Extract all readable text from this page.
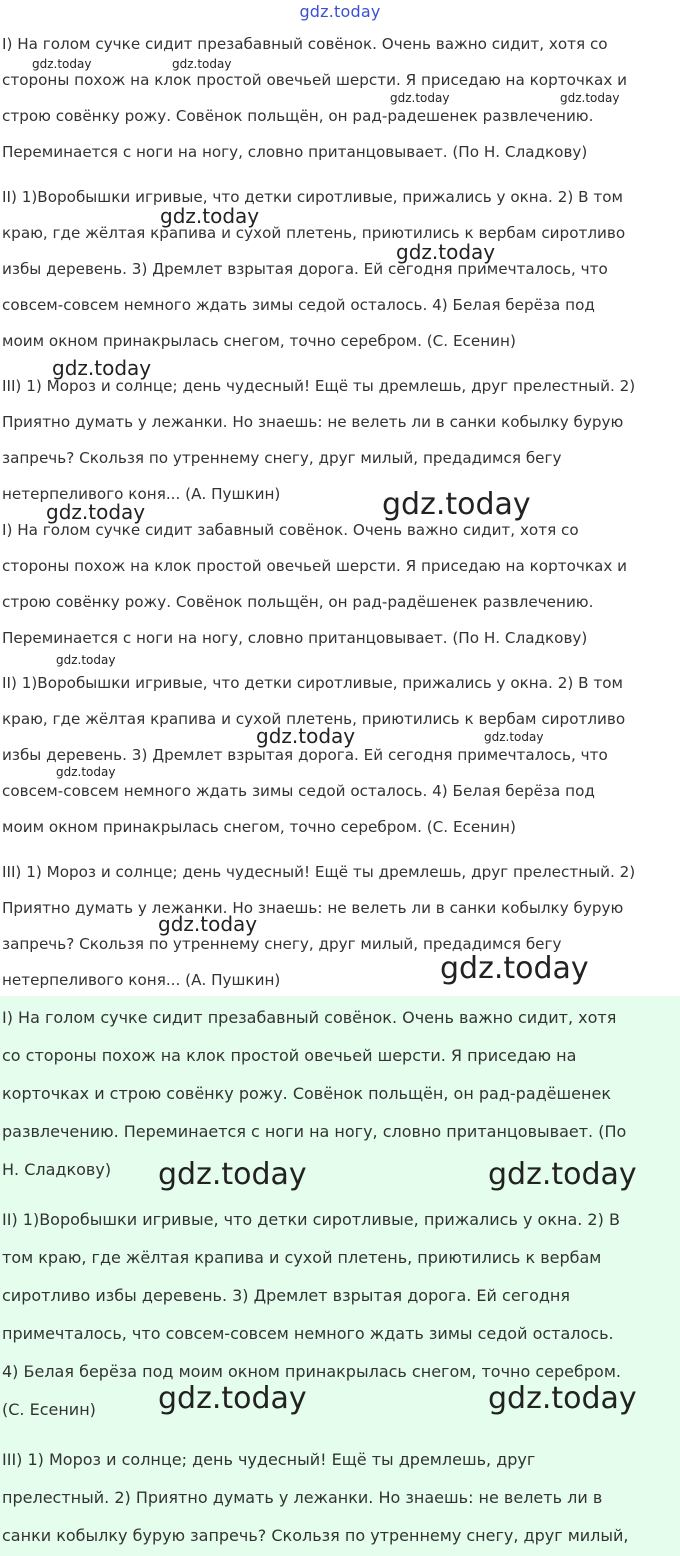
gdz.today
I) На голом сучке сидит презабавный совёнок. Очень важно сидит, хотя со
стороны похож на клок простой овечьей шерсти. Я приседаю на корточках и
строю совёнку рожу. Совёнок польщён, он рад-радешенек развлечению.
Переминается с ноги на ногу, словно пританцовывает. (По Н. Сладкову)
II) 1)Воробышки игривые, что детки сиротливые, прижались у окна. 2) В том
краю, где жёлтая крапива и сухой плетень, приютились к вербам сиротливо
избы деревень. 3) Дремлет взрытая дорога. Ей сегодня примечталось, что
совсем-совсем немного ждать зимы седой осталось. 4) Белая берёза под
моим окном принакрылась снегом, точно серебром. (С. Есенин)
III) 1) Мороз и солнце; день чудесный! Ещё ты дремлешь, друг прелестный. 2)
Приятно думать у лежанки. Но знаешь: не велеть ли в санки кобылку бурую
запречь? Скользя по утреннему снегу, друг милый, предадимся бегу
нетерпеливого коня... (А. Пушкин)
I) На голом сучке сидит забавный совёнок. Очень важно сидит, хотя со
стороны похож на клок простой овечьей шерсти. Я приседаю на корточках и
строю совёнку рожу. Совёнок польщён, он рад-радёшенек развлечению.
Переминается с ноги на ногу, словно пританцовывает. (По Н. Сладкову)
II) 1)Воробышки игривые, что детки сиротливые, прижались у окна. 2) В том
краю, где жёлтая крапива и сухой плетень, приютились к вербам сиротливо
избы деревень. 3) Дремлет взрытая дорога. Ей сегодня примечталось, что
совсем-совсем немного ждать зимы седой осталось. 4) Белая берёза под
моим окном принакрылась снегом, точно серебром. (С. Есенин)
III) 1) Мороз и солнце; день чудесный! Ещё ты дремлешь, друг прелестный. 2)
Приятно думать у лежанки. Но знаешь: не велеть ли в санки кобылку бурую
запречь? Скользя по утреннему снегу, друг милый, предадимся бегу
нетерпеливого коня... (А. Пушкин)
I) На голом сучке сидит презабавный совёнок. Очень важно сидит, хотя
со стороны похож на клок простой овечьей шерсти. Я приседаю на
корточках и строю совёнку рожу. Совёнок польщён, он рад-радёшенек
развлечению. Переминается с ноги на ногу, словно пританцовывает. (По
Н. Сладкову)
II) 1)Воробышки игривые, что детки сиротливые, прижались у окна. 2) В
том краю, где жёлтая крапива и сухой плетень, приютились к вербам
сиротливо избы деревень. 3) Дремлет взрытая дорога. Ей сегодня
примечталось, что совсем-совсем немного ждать зимы седой осталось.
4) Белая берёза под моим окном принакрылась снегом, точно серебром.
(С. Есенин)
III) 1) Мороз и солнце; день чудесный! Ещё ты дремлешь, друг
прелестный. 2) Приятно думать у лежанки. Но знаешь: не велеть ли в
санки кобылку бурую запречь? Скользя по утреннему снегу, друг милый,
gdz.today	gdz.today
gdz.today	gdz.today
gdz.today
gdz.today
gdz.today
gdz.today
gdz.today
gdz.today
gdz.today	gdz.today
gdz.today
gdz.today
gdz.today
gdz.today	gdz.today
gdz.today	gdz.today
